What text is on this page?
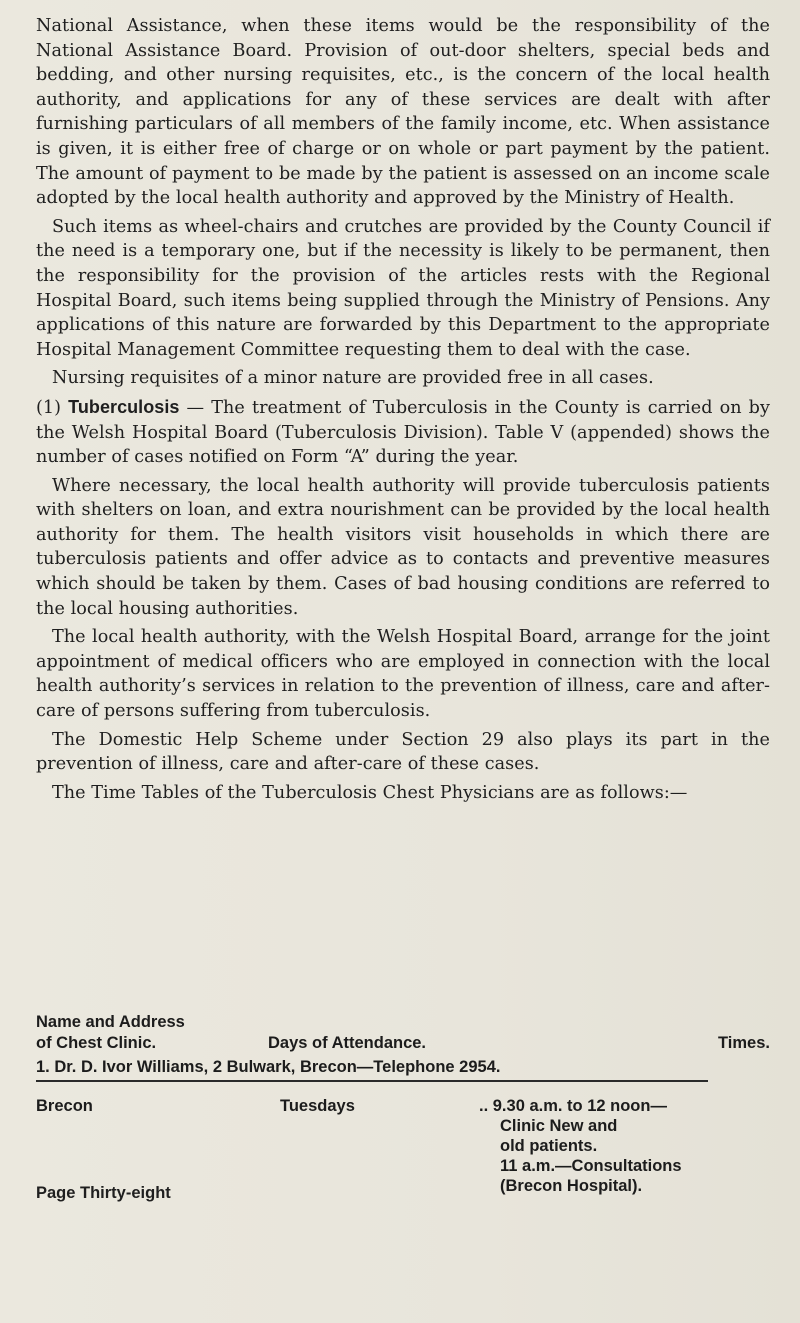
National Assistance, when these items would be the responsibility of the National Assistance Board. Provision of out-door shelters, special beds and bedding, and other nursing requisites, etc., is the concern of the local health authority, and applications for any of these services are dealt with after furnishing particulars of all members of the family income, etc. When assistance is given, it is either free of charge or on whole or part payment by the patient. The amount of payment to be made by the patient is assessed on an income scale adopted by the local health authority and approved by the Ministry of Health.

Such items as wheel-chairs and crutches are provided by the County Council if the need is a temporary one, but if the necessity is likely to be permanent, then the responsibility for the provision of the articles rests with the Regional Hospital Board, such items being supplied through the Ministry of Pensions. Any applications of this nature are forwarded by this Department to the appropriate Hospital Management Committee requesting them to deal with the case.

Nursing requisites of a minor nature are provided free in all cases.

(1) Tuberculosis — The treatment of Tuberculosis in the County is carried on by the Welsh Hospital Board (Tuberculosis Division). Table V (appended) shows the number of cases notified on Form “A” during the year.

Where necessary, the local health authority will provide tuberculosis patients with shelters on loan, and extra nourishment can be provided by the local health authority for them. The health visitors visit households in which there are tuberculosis patients and offer advice as to contacts and preventive measures which should be taken by them. Cases of bad housing conditions are referred to the local housing authorities.

The local health authority, with the Welsh Hospital Board, arrange for the joint appointment of medical officers who are employed in connection with the local health authority’s services in relation to the prevention of illness, care and after-care of persons suffering from tuberculosis.

The Domestic Help Scheme under Section 29 also plays its part in the prevention of illness, care and after-care of these cases.

The Time Tables of the Tuberculosis Chest Physicians are as follows:—

Name and Address
of Chest Clinic.	Days of Attendance.	Times.
1. Dr. D. Ivor Williams, 2 Bulwark, Brecon—Telephone 2954.
Brecon	Tuesdays	.. 9.30 a.m. to 12 noon—
Clinic New and
old patients.
11 a.m.—Consultations
(Brecon Hospital).
Page Thirty-eight
